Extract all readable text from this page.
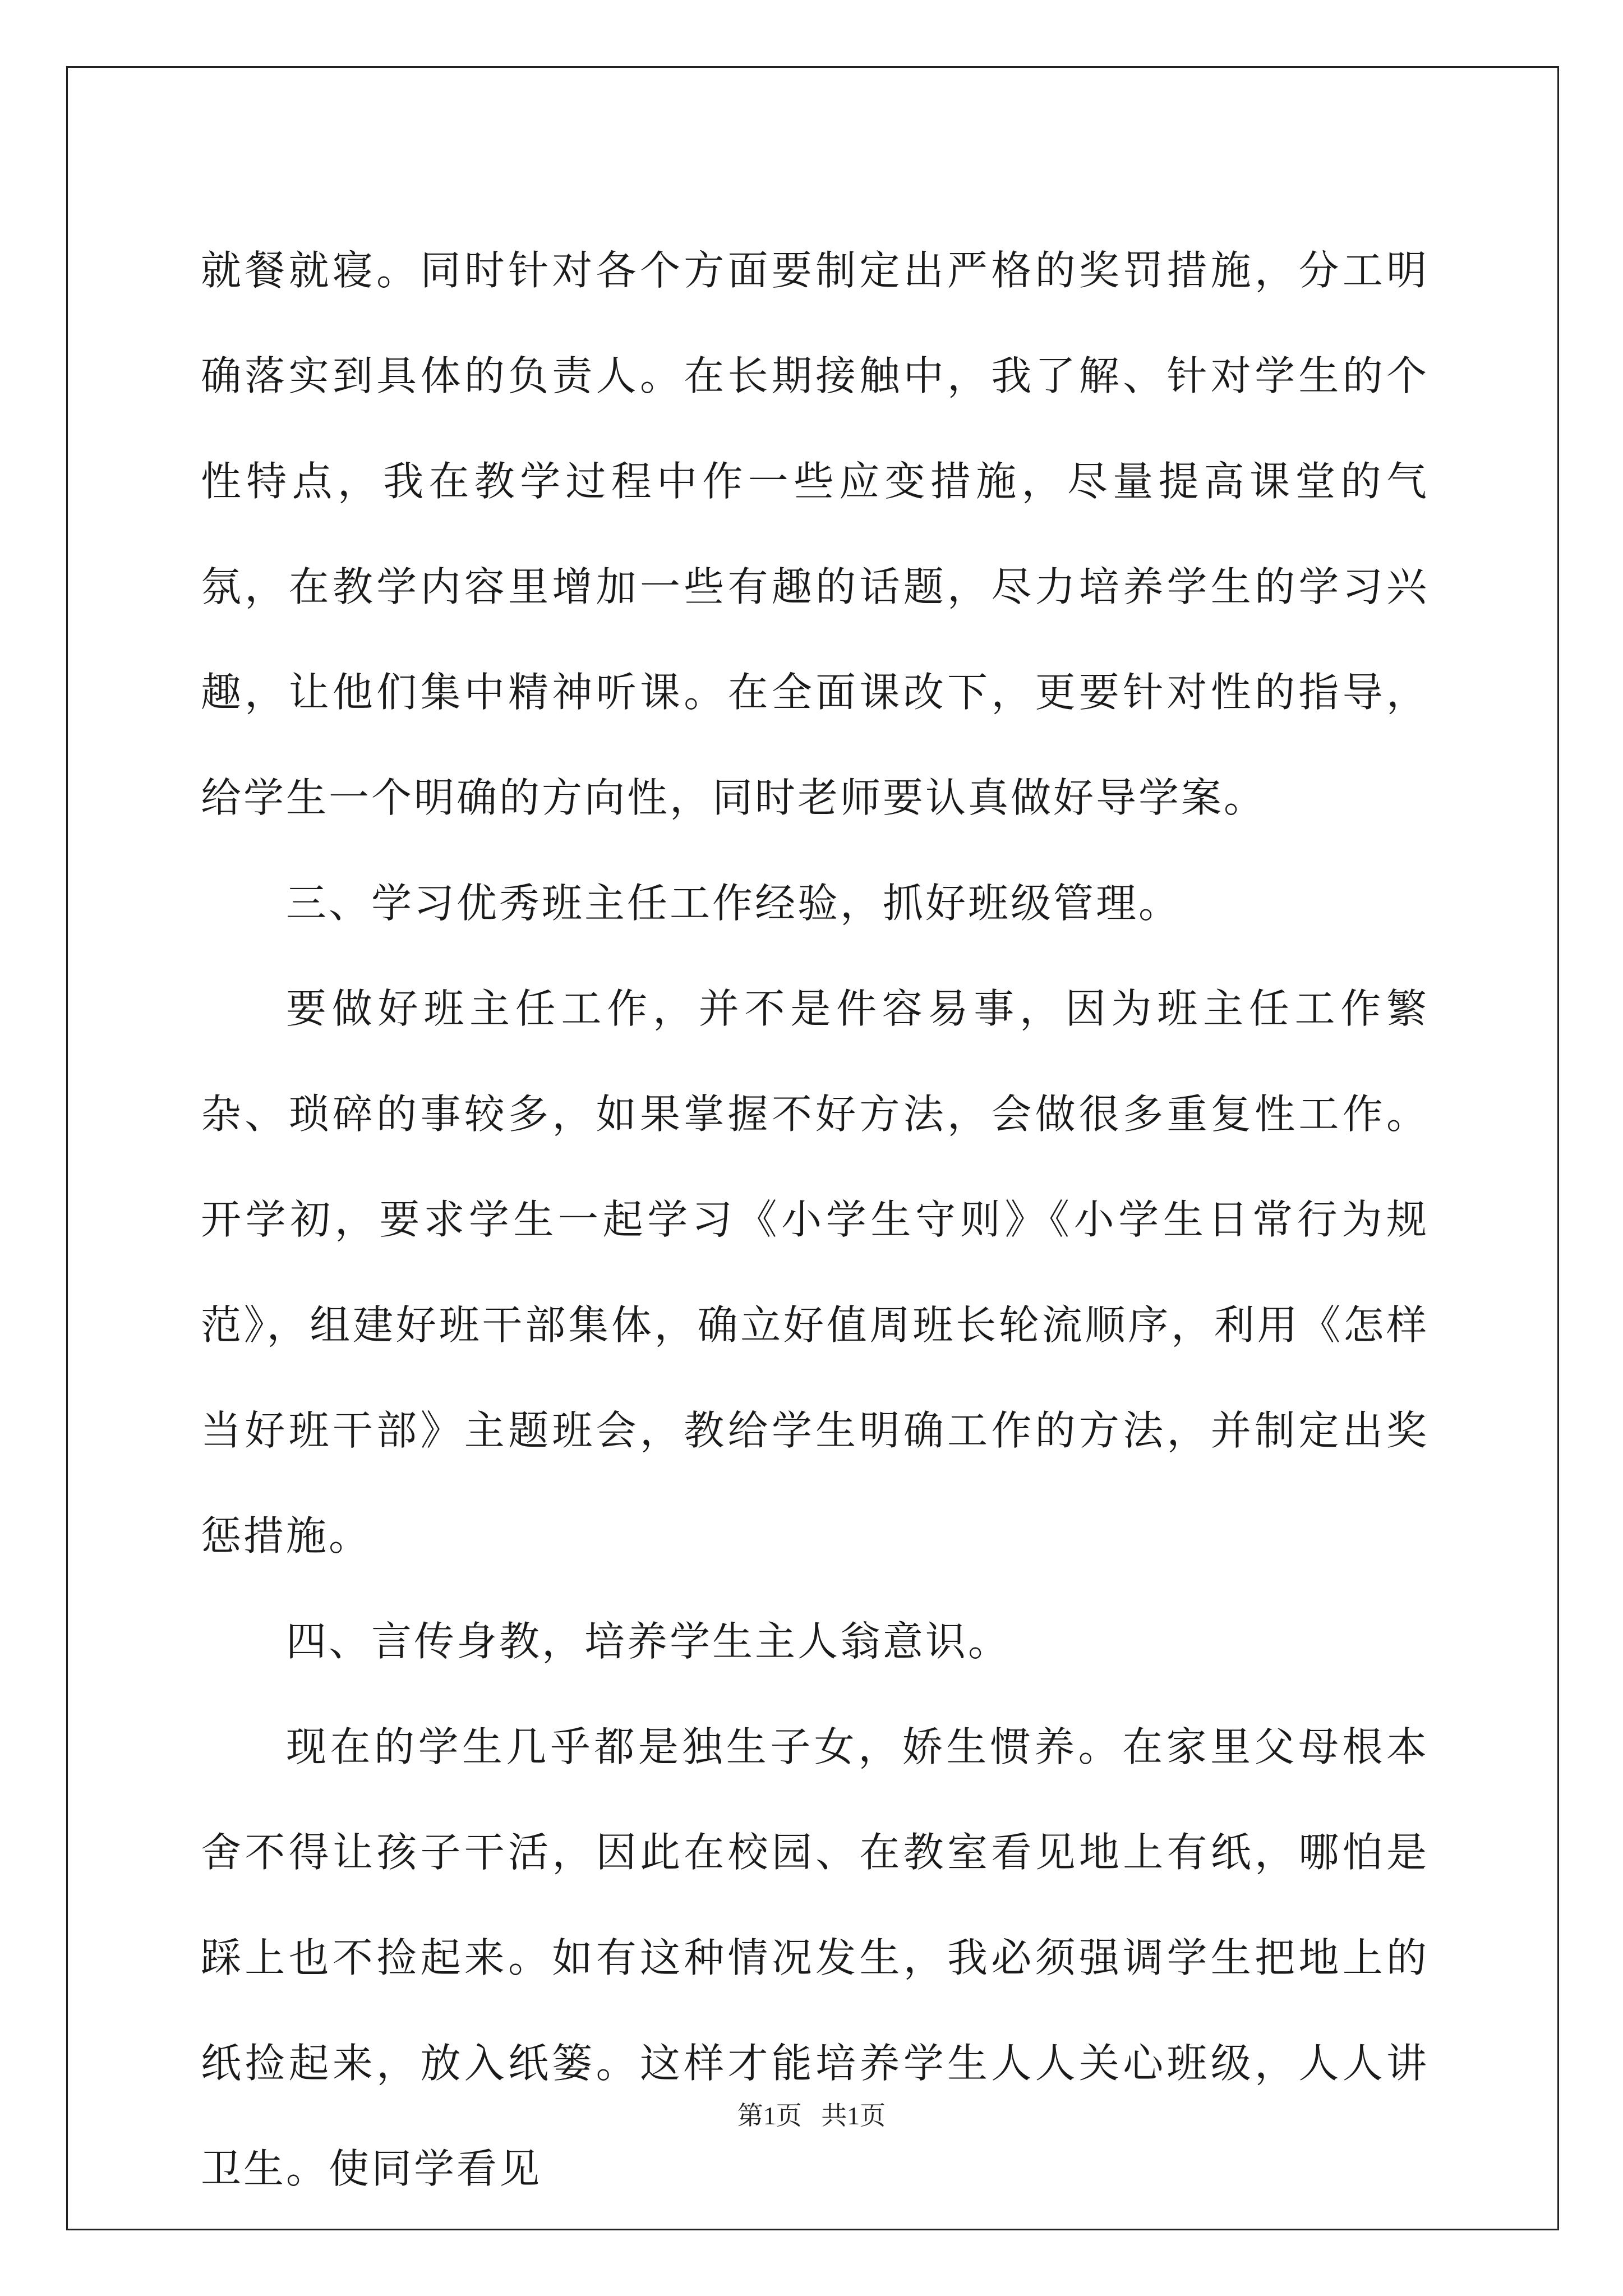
就餐就寝。同时针对各个方面要制定出严格的奖罚措施，分工明确落实到具体的负责人。在长期接触中，我了解、针对学生的个性特点，我在教学过程中作一些应变措施，尽量提高课堂的气氛，在教学内容里增加一些有趣的话题，尽力培养学生的学习兴趣，让他们集中精神听课。在全面课改下，更要针对性的指导，给学生一个明确的方向性，同时老师要认真做好导学案。

三、学习优秀班主任工作经验，抓好班级管理。

要做好班主任工作，并不是件容易事，因为班主任工作繁杂、琐碎的事较多，如果掌握不好方法，会做很多重复性工作。开学初，要求学生一起学习《小学生守则》《小学生日常行为规范》，组建好班干部集体，确立好值周班长轮流顺序，利用《怎样当好班干部》主题班会，教给学生明确工作的方法，并制定出奖惩措施。

四、言传身教，培养学生主人翁意识。

现在的学生几乎都是独生子女，娇生惯养。在家里父母根本舍不得让孩子干活，因此在校园、在教室看见地上有纸，哪怕是踩上也不捡起来。如有这种情况发生，我必须强调学生把地上的纸捡起来，放入纸篓。这样才能培养学生人人关心班级，人人讲卫生。使同学看见

第1页   共1页
